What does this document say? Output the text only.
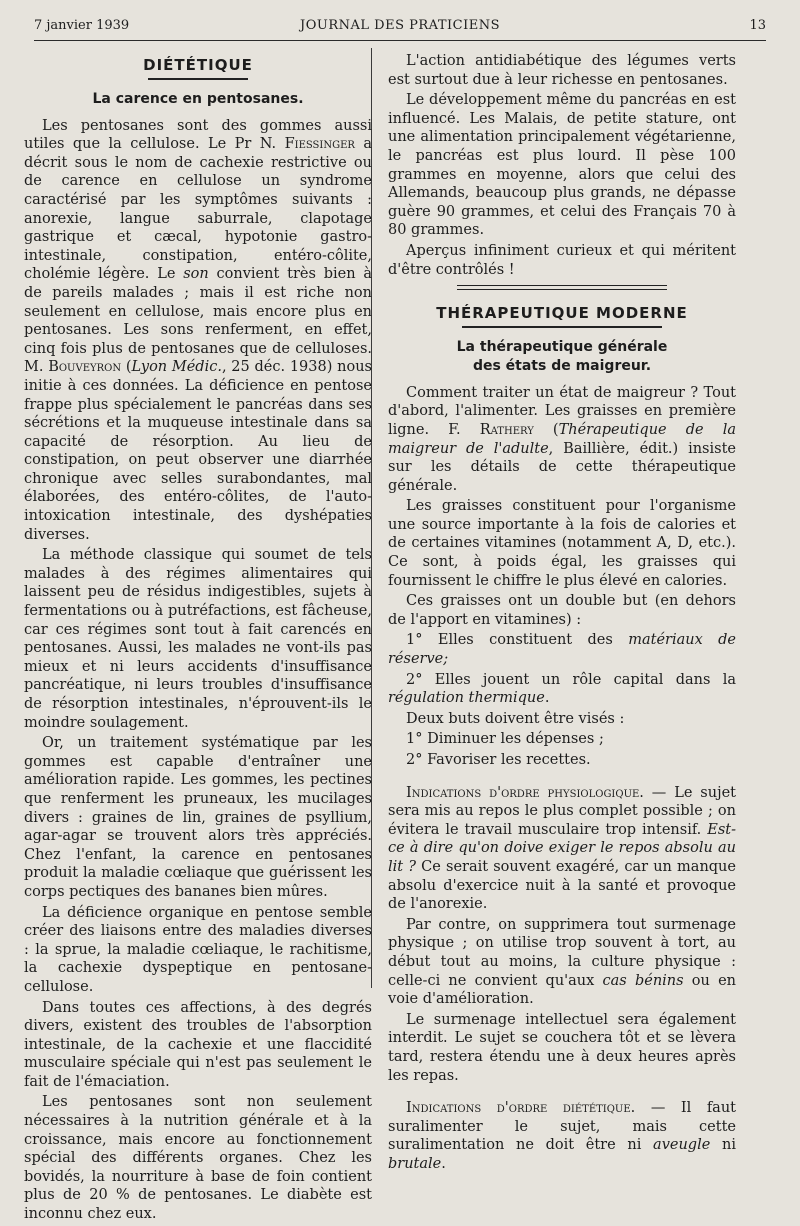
7 janvier 1939	JOURNAL DES PRATICIENS	13
DIÉTÉTIQUE
La carence en pentosanes.

Les pentosanes sont des gommes aussi utiles que la cellulose. Le Pr N. Fiessinger a décrit sous le nom de cachexie restrictive ou de carence en cellulose un syndrome caractérisé par les symptômes suivants : anorexie, langue saburrale, clapotage gastrique et cæcal, hypotonie gastro-intestinale, constipation, entéro-côlite, cholémie légère. Le son convient très bien à de pareils malades ; mais il est riche non seulement en cellulose, mais encore plus en pentosanes. Les sons renferment, en effet, cinq fois plus de pentosanes que de celluloses. M. Bouveyron (Lyon Médic., 25 déc. 1938) nous initie à ces données. La déficience en pentose frappe plus spécialement le pancréas dans ses sécrétions et la muqueuse intestinale dans sa capacité de résorption. Au lieu de constipation, on peut observer une diarrhée chronique avec selles surabondantes, mal élaborées, des entéro-côlites, de l'auto-intoxication intestinale, des dyshépaties diverses.

La méthode classique qui soumet de tels malades à des régimes alimentaires qui laissent peu de résidus indigestibles, sujets à fermentations ou à putréfactions, est fâcheuse, car ces régimes sont tout à fait carencés en pentosanes. Aussi, les malades ne vont-ils pas mieux et ni leurs accidents d'insuffisance pancréatique, ni leurs troubles d'insuffisance de résorption intestinales, n'éprouvent-ils le moindre soulagement.

Or, un traitement systématique par les gommes est capable d'entraîner une amélioration rapide. Les gommes, les pectines que renferment les pruneaux, les mucilages divers : graines de lin, graines de psyllium, agar-agar se trouvent alors très appréciés. Chez l'enfant, la carence en pentosanes produit la maladie cœliaque que guérissent les corps pectiques des bananes bien mûres.

La déficience organique en pentose semble créer des liaisons entre des maladies diverses : la sprue, la maladie cœliaque, le rachitisme, la cachexie dyspeptique en pentosane-cellulose.

Dans toutes ces affections, à des degrés divers, existent des troubles de l'absorption intestinale, de la cachexie et une flaccidité musculaire spéciale qui n'est pas seulement le fait de l'émaciation.

Les pentosanes sont non seulement nécessaires à la nutrition générale et à la croissance, mais encore au fonctionnement spécial des différents organes. Chez les bovidés, la nourriture à base de foin contient plus de 20 % de pentosanes. Le diabète est inconnu chez eux.

L'action antidiabétique des légumes verts est surtout due à leur richesse en pentosanes.

Le développement même du pancréas en est influencé. Les Malais, de petite stature, ont une alimentation principalement végétarienne, le pancréas est plus lourd. Il pèse 100 grammes en moyenne, alors que celui des Allemands, beaucoup plus grands, ne dépasse guère 90 grammes, et celui des Français 70 à 80 grammes.

Aperçus infiniment curieux et qui méritent d'être contrôlés !

THÉRAPEUTIQUE MODERNE
La thérapeutique générale
des états de maigreur.

Comment traiter un état de maigreur ? Tout d'abord, l'alimenter. Les graisses en première ligne. F. Rathery (Thérapeutique de la maigreur de l'adulte, Baillière, édit.) insiste sur les détails de cette thérapeutique générale.

Les graisses constituent pour l'organisme une source importante à la fois de calories et de certaines vitamines (notamment A, D, etc.). Ce sont, à poids égal, les graisses qui fournissent le chiffre le plus élevé en calories.

Ces graisses ont un double but (en dehors de l'apport en vitamines) :

1° Elles constituent des matériaux de réserve;

2° Elles jouent un rôle capital dans la régulation thermique.

Deux buts doivent être visés :

1° Diminuer les dépenses ;

2° Favoriser les recettes.

Indications d'ordre physiologique. — Le sujet sera mis au repos le plus complet possible ; on évitera le travail musculaire trop intensif. Est-ce à dire qu'on doive exiger le repos absolu au lit ? Ce serait souvent exagéré, car un manque absolu d'exercice nuit à la santé et provoque de l'anorexie.

Par contre, on supprimera tout surmenage physique ; on utilise trop souvent à tort, au début tout au moins, la culture physique : celle-ci ne convient qu'aux cas bénins ou en voie d'amélioration.

Le surmenage intellectuel sera également interdit. Le sujet se couchera tôt et se lèvera tard, restera étendu une à deux heures après les repas.

Indications d'ordre diététique. — Il faut suralimenter le sujet, mais cette suralimentation ne doit être ni aveugle ni brutale.
